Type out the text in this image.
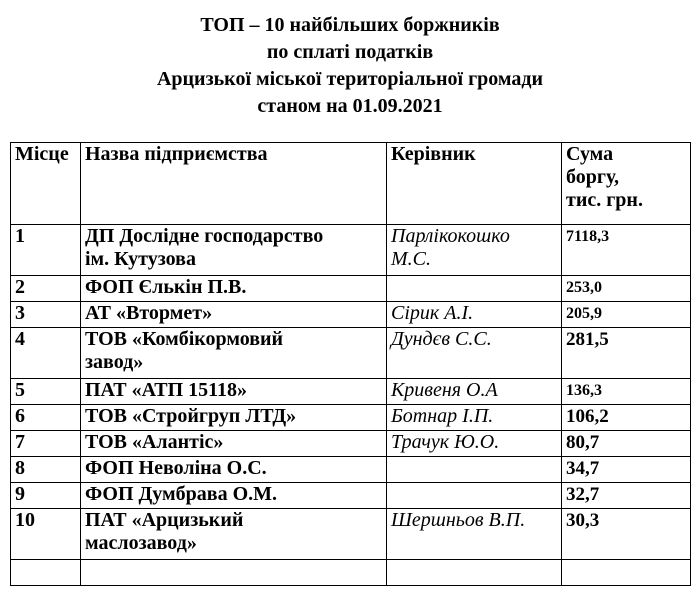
ТОП – 10 найбільших боржників
по сплаті податків
Арцизької міської територіальної громади
станом на 01.09.2021
Місце	Назва підприємства	Керівник	Сума
боргу,
тис. грн.

1	ДП Дослідне господарство
ім. Кутузова	Парлікокошко
М.С.	7118,3
2	ФОП Єлькін П.В.		253,0
3	АТ «Втормет»	Сірик А.І.	205,9
4	ТОВ «Комбікормовий
завод»	Дундєв С.С.	281,5
5	ПАТ «АТП 15118»	Кривеня О.А	136,3
6	ТОВ «Стройгруп ЛТД»	Ботнар І.П.	106,2
7	ТОВ «Алантіс»	Трачук Ю.О.	80,7
8	ФОП Неволіна О.С.		34,7
9	ФОП Думбрава О.М.		32,7
10	ПАТ «Арцизький
маслозавод»	Шершньов В.П.	30,3
